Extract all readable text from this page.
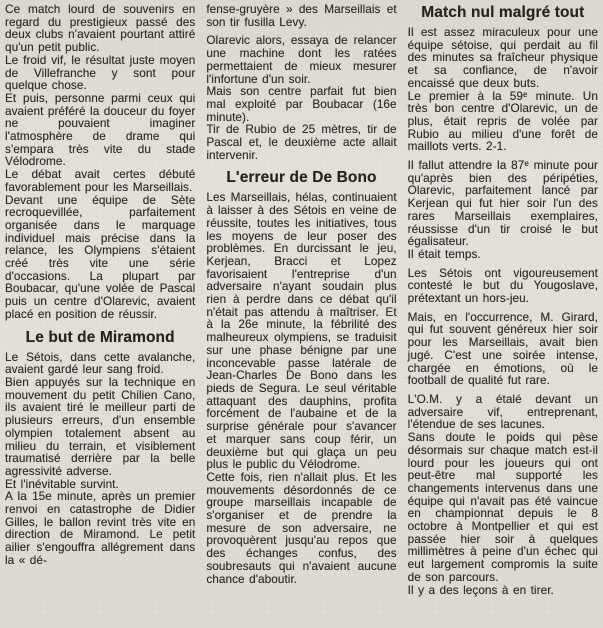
Ce match lourd de souvenirs en regard du prestigieux passé des deux clubs n'avaient pourtant attiré qu'un petit public.

Le froid vif, le résultat juste moyen de Villefranche y sont pour quelque chose.

Et puis, personne parmi ceux qui avaient préféré la douceur du foyer ne pouvaient imaginer l'atmosphère de drame qui s'empara très vite du stade Vélodrome.

Le débat avait certes débuté favorablement pour les Marseillais.

Devant une équipe de Sète recroquevillée, parfaitement organisée dans le marquage individuel mais précise dans la relance, les Olympiens s'étaient créé très vite une série d'occasions. La plupart par Boubacar, qu'une volée de Pascal puis un centre d'Olarevic, avaient placé en position de réussir.

Le but de Miramond

Le Sétois, dans cette avalanche, avaient gardé leur sang froid.

Bien appuyés sur la technique en mouvement du petit Chilien Cano, ils avaient tiré le meilleur parti de plusieurs erreurs, d'un ensemble olympien totalement absent au milieu du terrain, et visiblement traumatisé derrière par la belle agressivité adverse.

Et l'inévitable survint.

A la 15e minute, après un premier renvoi en catastrophe de Didier Gilles, le ballon revint très vite en direction de Miramond. Le petit ailier s'engouffra allégrement dans la « dé-

fense-gruyère » des Marseillais et son tir fusilla Levy.

Olarevic alors, essaya de relancer une machine dont les ratées permettaient de mieux mesurer l'infortune d'un soir.

Mais son centre parfait fut bien mal exploité par Boubacar (16e minute).

Tir de Rubio de 25 mètres, tir de Pascal et, le deuxième acte allait intervenir.

L'erreur de De Bono

Les Marseillais, hélas, continuaient à laisser à des Sétois en veine de réussite, toutes les initiatives, tous les moyens de leur poser des problèmes. En durcissant le jeu, Kerjean, Bracci et Lopez favorisaient l'entreprise d'un adversaire n'ayant soudain plus rien à perdre dans ce débat qu'il n'était pas attendu à maîtriser. Et à la 26e minute, la fébrilité des malheureux olympiens, se traduisit sur une phase bénigne par une inconcevable passe latérale de Jean-Charles De Bono dans les pieds de Segura. Le seul véritable attaquant des dauphins, profita forcément de l'aubaine et de la surprise générale pour s'avancer et marquer sans coup férir, un deuxième but qui glaça un peu plus le public du Vélodrome.

Cette fois, rien n'allait plus. Et les mouvements désordonnés de ce groupe marseillais incapable de s'organiser et de prendre la mesure de son adversaire, ne provoquèrent jusqu'au repos que des échanges confus, des soubresauts qui n'avaient aucune chance d'aboutir.

Match nul malgré tout

Il est assez miraculeux pour une équipe sétoise, qui perdait au fil des minutes sa fraîcheur physique et sa confiance, de n'avoir encaissé que deux buts.

Le premier à la 59ᵉ minute. Un très bon centre d'Olarevic, un de plus, était repris de volée par Rubio au milieu d'une forêt de maillots verts. 2-1.

Il fallut attendre la 87ᵉ minute pour qu'après bien des péripéties, Olarevic, parfaitement lancé par Kerjean qui fut hier soir l'un des rares Marseillais exemplaires, réussisse d'un tir croisé le but égalisateur.

Il était temps.

Les Sétois ont vigoureusement contesté le but du Yougoslave, prétextant un hors-jeu.

Mais, en l'occurrence, M. Girard, qui fut souvent généreux hier soir pour les Marseillais, avait bien jugé. C'est une soirée intense, chargée en émotions, où le football de qualité fut rare.

L'O.M. y a étalé devant un adversaire vif, entreprenant, l'étendue de ses lacunes.

Sans doute le poids qui pèse désormais sur chaque match est-il lourd pour les joueurs qui ont peut-être mal supporté les changements intervenus dans une équipe qui n'avait pas été vaincue en championnat depuis le 8 octobre à Montpellier et qui est passée hier soir à quelques millimètres à peine d'un échec qui eut largement compromis la suite de son parcours.

Il y a des leçons à en tirer.
